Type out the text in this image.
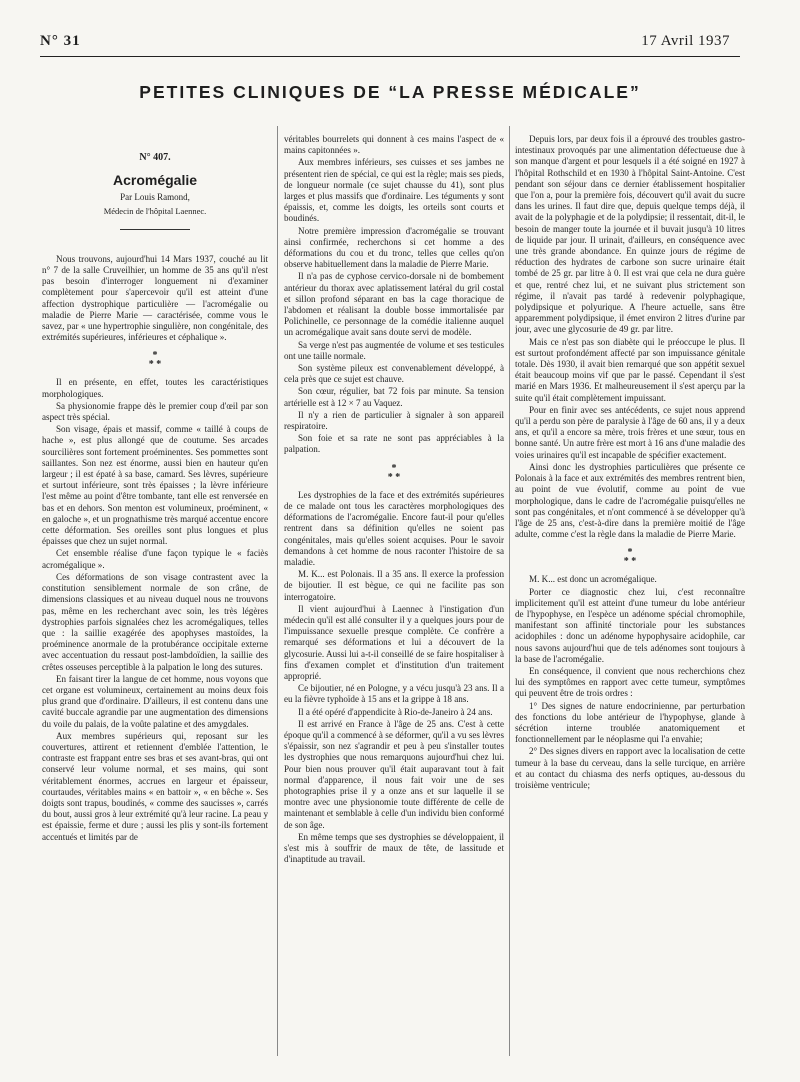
N° 31	17 Avril 1937
PETITES CLINIQUES DE “LA PRESSE MÉDICALE”
N° 407.
Acromégalie
Par Louis Ramond,
Médecin de l'hôpital Laennec.

Nous trouvons, aujourd'hui 14 Mars 1937, couché au lit n° 7 de la salle Cruveilhier, un homme de 35 ans qu'il n'est pas besoin d'interroger longuement ni d'examiner complètement pour s'apercevoir qu'il est atteint d'une affection dystrophique particulière — l'acromégalie ou maladie de Pierre Marie — caractérisée, comme vous le savez, par « une hypertrophie singulière, non congénitale, des extrémités supérieures, inférieures et céphalique ».

*
* *

Il en présente, en effet, toutes les caractéristiques morphologiques.

Sa physionomie frappe dès le premier coup d'œil par son aspect très spécial.

Son visage, épais et massif, comme « taillé à coups de hache », est plus allongé que de coutume. Ses arcades sourcilières sont fortement proéminentes. Ses pommettes sont saillantes. Son nez est énorme, aussi bien en hauteur qu'en largeur ; il est épaté à sa base, camard. Ses lèvres, supérieure et surtout inférieure, sont très épaisses ; la lèvre inférieure l'est même au point d'être tombante, tant elle est renversée en bas et en dehors. Son menton est volumineux, proéminent, « en galoche », et un prognathisme très marqué accentue encore cette déformation. Ses oreilles sont plus longues et plus épaisses que chez un sujet normal.

Cet ensemble réalise d'une façon typique le « faciès acromégalique ».

Ces déformations de son visage contrastent avec la constitution sensiblement normale de son crâne, de dimensions classiques et au niveau duquel nous ne trouvons pas, même en les recherchant avec soin, les très légères dystrophies parfois signalées chez les acromégaliques, telles que : la saillie exagérée des apophyses mastoïdes, la proéminence anormale de la protubérance occipitale externe avec accentuation du ressaut post-lambdoïdien, la saillie des crêtes osseuses perceptible à la palpation le long des sutures.

En faisant tirer la langue de cet homme, nous voyons que cet organe est volumineux, certainement au moins deux fois plus grand que d'ordinaire. D'ailleurs, il est contenu dans une cavité buccale agrandie par une augmentation des dimensions du voile du palais, de la voûte palatine et des amygdales.

Aux membres supérieurs qui, reposant sur les couvertures, attirent et retiennent d'emblée l'attention, le contraste est frappant entre ses bras et ses avant-bras, qui ont conservé leur volume normal, et ses mains, qui sont véritablement énormes, accrues en largeur et épaisseur, courtaudes, véritables mains « en battoir », « en bêche ». Ses doigts sont trapus, boudinés, « comme des saucisses », carrés du bout, aussi gros à leur extrémité qu'à leur racine. La peau y est épaissie, ferme et dure ; aussi les plis y sont-ils fortement accentués et limités par de

véritables bourrelets qui donnent à ces mains l'aspect de « mains capitonnées ».

Aux membres inférieurs, ses cuisses et ses jambes ne présentent rien de spécial, ce qui est la règle; mais ses pieds, de longueur normale (ce sujet chausse du 41), sont plus larges et plus massifs que d'ordinaire. Les téguments y sont épaissis, et, comme les doigts, les orteils sont courts et boudinés.

Notre première impression d'acromégalie se trouvant ainsi confirmée, recherchons si cet homme a des déformations du cou et du tronc, telles que celles qu'on observe habituellement dans la maladie de Pierre Marie.

Il n'a pas de cyphose cervico-dorsale ni de bombement antérieur du thorax avec aplatissement latéral du gril costal et sillon profond séparant en bas la cage thoracique de l'abdomen et réalisant la double bosse immortalisée par Polichinelle, ce personnage de la comédie italienne auquel un acromégalique avait sans doute servi de modèle.

Sa verge n'est pas augmentée de volume et ses testicules ont une taille normale.

Son système pileux est convenablement développé, à cela près que ce sujet est chauve.

Son cœur, régulier, bat 72 fois par minute. Sa tension artérielle est à 12 × 7 au Vaquez.

Il n'y a rien de particulier à signaler à son appareil respiratoire.

Son foie et sa rate ne sont pas appréciables à la palpation.

*
* *

Les dystrophies de la face et des extrémités supérieures de ce malade ont tous les caractères morphologiques des déformations de l'acromégalie. Encore faut-il pour qu'elles rentrent dans sa définition qu'elles ne soient pas congénitales, mais qu'elles soient acquises. Pour le savoir demandons à cet homme de nous raconter l'histoire de sa maladie.

M. K... est Polonais. Il a 35 ans. Il exerce la profession de bijoutier. Il est bègue, ce qui ne facilite pas son interrogatoire.

Il vient aujourd'hui à Laennec à l'instigation d'un médecin qu'il est allé consulter il y a quelques jours pour de l'impuissance sexuelle presque complète. Ce confrère a remarqué ses déformations et lui a découvert de la glycosurie. Aussi lui a-t-il conseillé de se faire hospitaliser à fins d'examen complet et d'institution d'un traitement approprié.

Ce bijoutier, né en Pologne, y a vécu jusqu'à 23 ans. Il a eu la fièvre typhoïde à 15 ans et la grippe à 18 ans.

Il a été opéré d'appendicite à Rio-de-Janeiro à 24 ans.

Il est arrivé en France à l'âge de 25 ans. C'est à cette époque qu'il a commencé à se déformer, qu'il a vu ses lèvres s'épaissir, son nez s'agrandir et peu à peu s'installer toutes les dystrophies que nous remarquons aujourd'hui chez lui. Pour bien nous prouver qu'il était auparavant tout à fait normal d'apparence, il nous fait voir une de ses photographies prise il y a onze ans et sur laquelle il se montre avec une physionomie toute différente de celle de maintenant et semblable à celle d'un individu bien conformé de son âge.

En même temps que ses dystrophies se développaient, il s'est mis à souffrir de maux de tête, de lassitude et d'inaptitude au travail.

Depuis lors, par deux fois il a éprouvé des troubles gastro-intestinaux provoqués par une alimentation défectueuse due à son manque d'argent et pour lesquels il a été soigné en 1927 à l'hôpital Rothschild et en 1930 à l'hôpital Saint-Antoine. C'est pendant son séjour dans ce dernier établissement hospitalier que l'on a, pour la première fois, découvert qu'il avait du sucre dans les urines. Il faut dire que, depuis quelque temps déjà, il avait de la polyphagie et de la polydipsie; il ressentait, dit-il, le besoin de manger toute la journée et il buvait jusqu'à 10 litres de liquide par jour. Il urinait, d'ailleurs, en conséquence avec une très grande abondance. En quinze jours de régime de réduction des hydrates de carbone son sucre urinaire était tombé de 25 gr. par litre à 0. Il est vrai que cela ne dura guère et que, rentré chez lui, et ne suivant plus strictement son régime, il n'avait pas tardé à redevenir polyphagique, polydipsique et polyurique. A l'heure actuelle, sans être apparemment polydipsique, il émet environ 2 litres d'urine par jour, avec une glycosurie de 49 gr. par litre.

Mais ce n'est pas son diabète qui le préoccupe le plus. Il est surtout profondément affecté par son impuissance génitale totale. Dès 1930, il avait bien remarqué que son appétit sexuel était beaucoup moins vif que par le passé. Cependant il s'est marié en Mars 1936. Et malheureusement il s'est aperçu par la suite qu'il était complètement impuissant.

Pour en finir avec ses antécédents, ce sujet nous apprend qu'il a perdu son père de paralysie à l'âge de 60 ans, il y a deux ans, et qu'il a encore sa mère, trois frères et une sœur, tous en bonne santé. Un autre frère est mort à 16 ans d'une maladie des voies urinaires qu'il est incapable de spécifier exactement.

Ainsi donc les dystrophies particulières que présente ce Polonais à la face et aux extrémités des membres rentrent bien, au point de vue évolutif, comme au point de vue morphologique, dans le cadre de l'acromégalie puisqu'elles ne sont pas congénitales, et n'ont commencé à se développer qu'à l'âge de 25 ans, c'est-à-dire dans la première moitié de l'âge adulte, comme c'est la règle dans la maladie de Pierre Marie.

*
* *

M. K... est donc un acromégalique.

Porter ce diagnostic chez lui, c'est reconnaître implicitement qu'il est atteint d'une tumeur du lobe antérieur de l'hypophyse, en l'espèce un adénome spécial chromophile, manifestant son affinité tinctoriale pour les substances acidophiles : donc un adénome hypophysaire acidophile, car nous savons aujourd'hui que de tels adénomes sont toujours à la base de l'acromégalie.

En conséquence, il convient que nous recherchions chez lui des symptômes en rapport avec cette tumeur, symptômes qui peuvent être de trois ordres :

1° Des signes de nature endocrinienne, par perturbation des fonctions du lobe antérieur de l'hypophyse, glande à sécrétion interne troublée anatomiquement et fonctionnellement par le néoplasme qui l'a envahie;

2° Des signes divers en rapport avec la localisation de cette tumeur à la base du cerveau, dans la selle turcique, en arrière et au contact du chiasma des nerfs optiques, au-dessous du troisième ventricule;
